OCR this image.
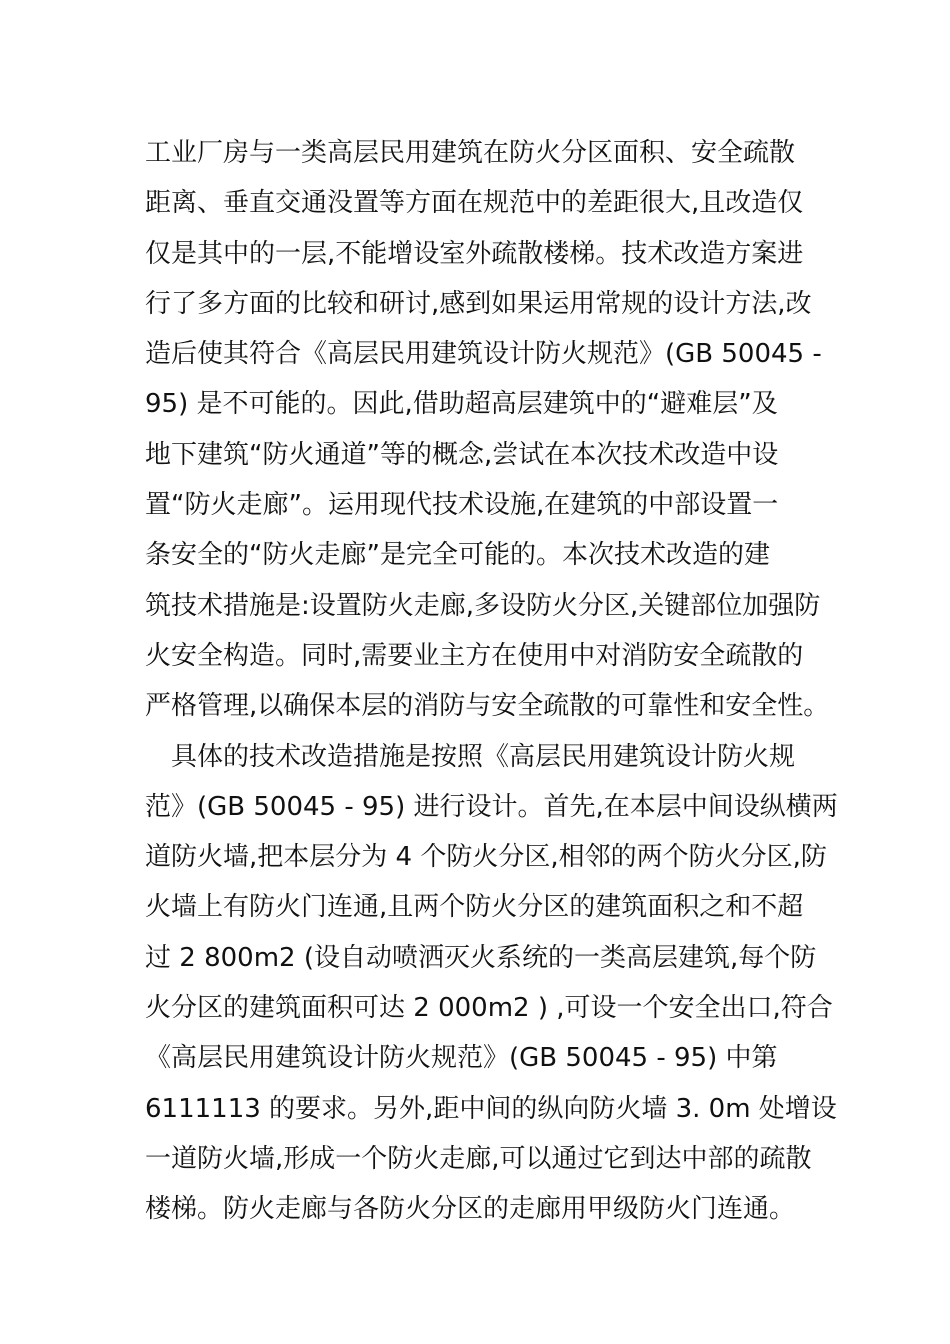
工业厂房与一类高层民用建筑在防火分区面积、安全疏散
距离、垂直交通没置等方面在规范中的差距很大,且改造仅
仅是其中的一层,不能增设室外疏散楼梯。技术改造方案进
行了多方面的比较和研讨,感到如果运用常规的设计方法,改
造后使其符合《高层民用建筑设计防火规范》(GB 50045 -
95) 是不可能的。因此,借助超高层建筑中的“避难层”及
地下建筑“防火通道”等的概念,尝试在本次技术改造中设
置“防火走廊”。运用现代技术设施,在建筑的中部设置一
条安全的“防火走廊”是完全可能的。本次技术改造的建
筑技术措施是:设置防火走廊,多设防火分区,关键部位加强防
火安全构造。同时,需要业主方在使用中对消防安全疏散的
严格管理,以确保本层的消防与安全疏散的可靠性和安全性。
具体的技术改造措施是按照《高层民用建筑设计防火规
范》(GB 50045 - 95) 进行设计。首先,在本层中间设纵横两
道防火墙,把本层分为 4 个防火分区,相邻的两个防火分区,防
火墙上有防火门连通,且两个防火分区的建筑面积之和不超
过 2 800m2 (设自动喷洒灭火系统的一类高层建筑,每个防
火分区的建筑面积可达 2 000m2 ) ,可设一个安全出口,符合
《高层民用建筑设计防火规范》(GB 50045 - 95) 中第
6111113 的要求。另外,距中间的纵向防火墙 3. 0m 处增设
一道防火墙,形成一个防火走廊,可以通过它到达中部的疏散
楼梯。防火走廊与各防火分区的走廊用甲级防火门连通。
